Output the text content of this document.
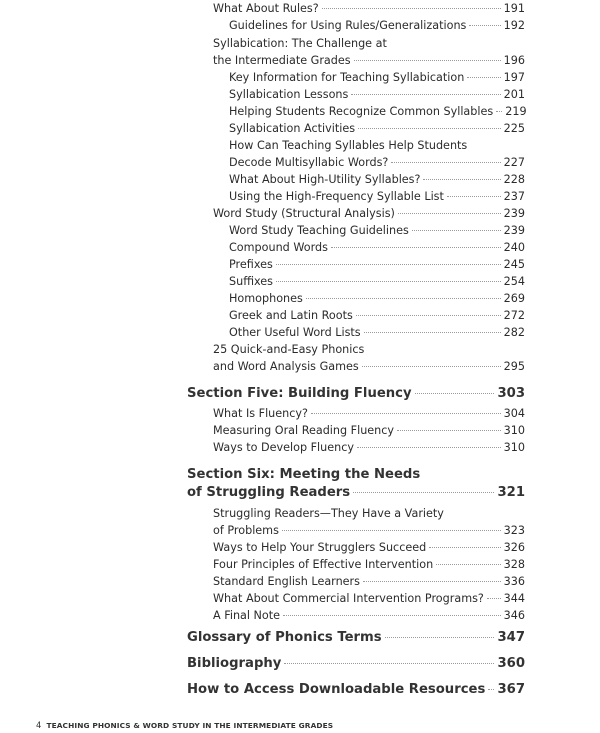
What About Rules?	191
Guidelines for Using Rules/Generalizations	192
Syllabication: The Challenge at
the Intermediate Grades	196
Key Information for Teaching Syllabication	197
Syllabication Lessons	201
Helping Students Recognize Common Syllables 219
Syllabication Activities	225
How Can Teaching Syllables Help Students
Decode Multisyllabic Words?	227
What About High-Utility Syllables?	228
Using the High-Frequency Syllable List	237
Word Study (Structural Analysis)	239
Word Study Teaching Guidelines	239
Compound Words	240
Prefixes	245
Suffixes	254
Homophones	269
Greek and Latin Roots	272
Other Useful Word Lists	282
25 Quick-and-Easy Phonics
and Word Analysis Games	295
Section Five: Building Fluency	303
What Is Fluency?	304
Measuring Oral Reading Fluency	310
Ways to Develop Fluency	310
Section Six: Meeting the Needs
of Struggling Readers	321
Struggling Readers—They Have a Variety
of Problems	323
Ways to Help Your Strugglers Succeed	326
Four Principles of Effective Intervention	328
Standard English Learners	336
What About Commercial Intervention Programs? 344
A Final Note	346
Glossary of Phonics Terms	347
Bibliography	360
How to Access Downloadable Resources 367
4 TEACHING PHONICS & WORD STUDY IN THE INTERMEDIATE GRADES
